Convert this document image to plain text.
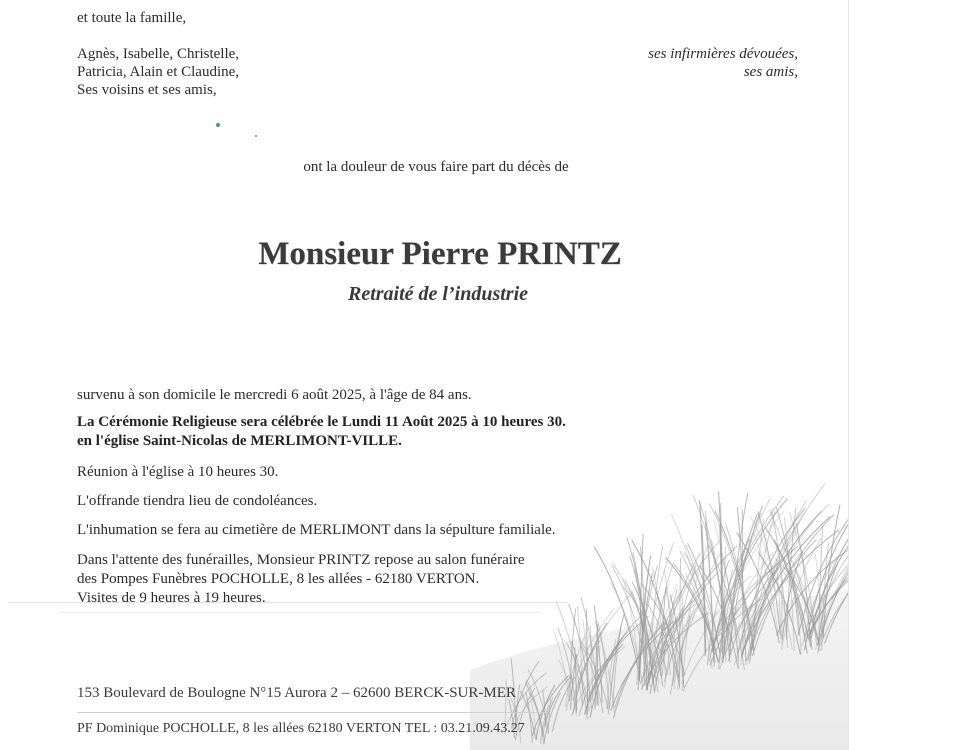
et toute la famille,
Agnès, Isabelle, Christelle,
Patricia, Alain et Claudine,
Ses voisins et ses amis,
ses infirmières dévouées,
ses amis,
ont la douleur de vous faire part du décès de
Monsieur Pierre PRINTZ
Retraité de l’industrie
survenu à son domicile le mercredi 6 août 2025, à l'âge de 84 ans.
La Cérémonie Religieuse sera célébrée le Lundi 11 Août 2025 à 10 heures 30.
en l'église Saint-Nicolas de MERLIMONT-VILLE.
Réunion à l'église à 10 heures 30.
L'offrande tiendra lieu de condoléances.
L'inhumation se fera au cimetière de MERLIMONT dans la sépulture familiale.
Dans l'attente des funérailles, Monsieur PRINTZ repose au salon funéraire
des Pompes Funèbres POCHOLLE, 8 les allées - 62180 VERTON.
Visites de 9 heures à 19 heures.
153 Boulevard de Boulogne N°15 Aurora 2 – 62600 BERCK-SUR-MER
PF Dominique POCHOLLE, 8 les allées 62180 VERTON TEL : 03.21.09.43.27
